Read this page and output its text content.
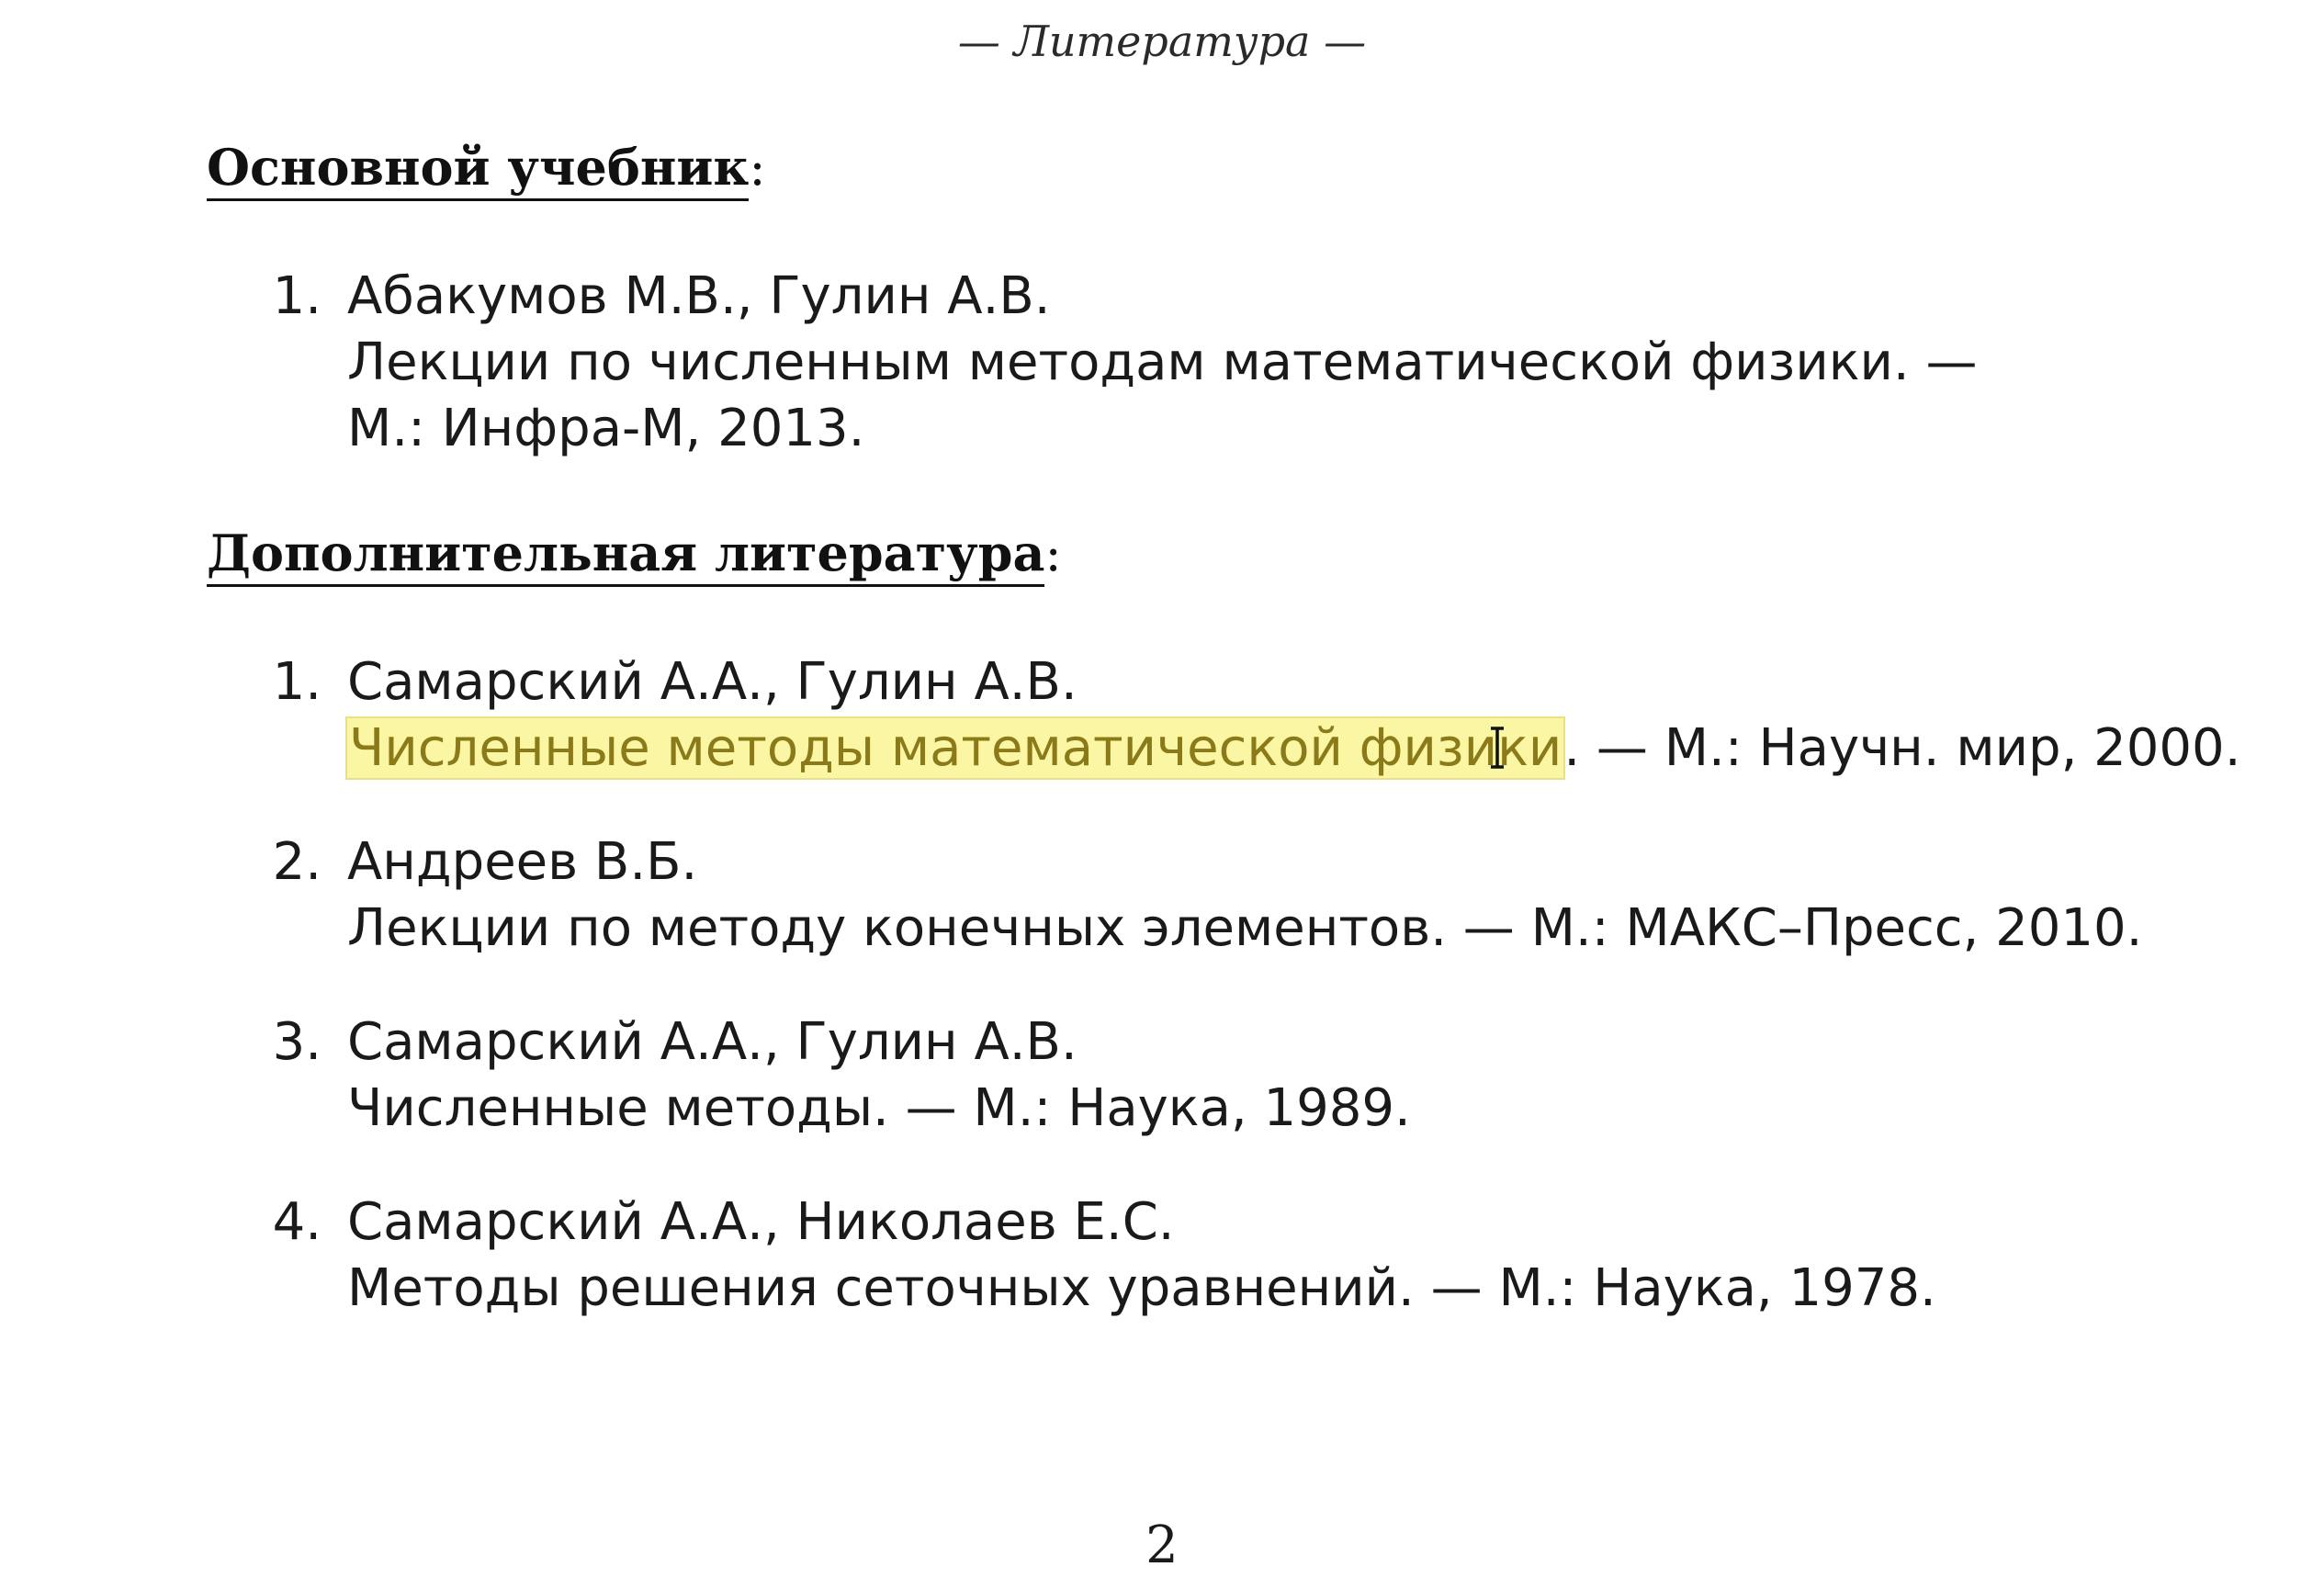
— Литература —
Основной учебник:
1. Абакумов М.В., Гулин А.В.
Лекции по численным методам математической физики. —
М.: Инфра-М, 2013.
Дополнительная литература:
1. Самарский А.А., Гулин А.В.
Численные методы математической физи
ки. — М.: Научн. мир, 2000.
2. Андреев В.Б.
Лекции по методу конечных элементов. — М.: МАКС–Пресс, 2010.
3. Самарский А.А., Гулин А.В.
Численные методы. — М.: Наука, 1989.
4. Самарский А.А., Николаев Е.С.
Методы решения сеточных уравнений. — М.: Наука, 1978.
2
